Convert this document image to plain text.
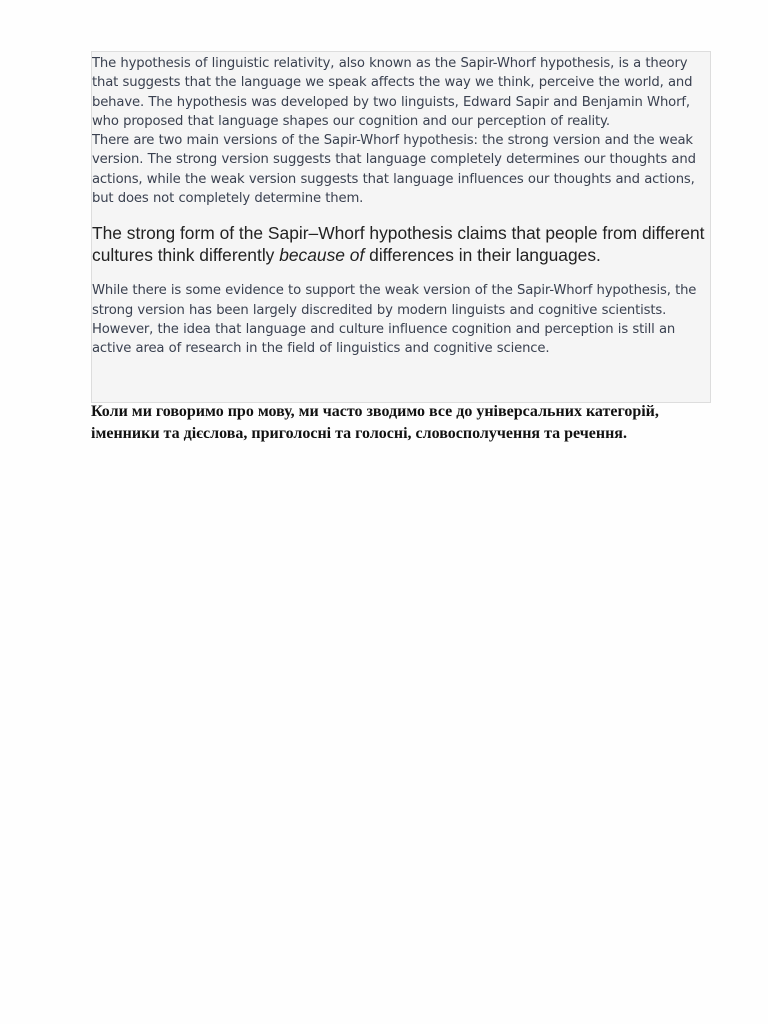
The hypothesis of linguistic relativity, also known as the Sapir-Whorf hypothesis, is a theory that suggests that the language we speak affects the way we think, perceive the world, and behave. The hypothesis was developed by two linguists, Edward Sapir and Benjamin Whorf, who proposed that language shapes our cognition and our perception of reality.

There are two main versions of the Sapir-Whorf hypothesis: the strong version and the weak version. The strong version suggests that language completely determines our thoughts and actions, while the weak version suggests that language influences our thoughts and actions, but does not completely determine them.

The strong form of the Sapir–Whorf hypothesis claims that people from different cultures think differently because of differences in their languages.

While there is some evidence to support the weak version of the Sapir-Whorf hypothesis, the strong version has been largely discredited by modern linguists and cognitive scientists. However, the idea that language and culture influence cognition and perception is still an active area of research in the field of linguistics and cognitive science.

Коли ми говоримо про мову, ми часто зводимо все до універсальних категорій, іменники та дієслова, приголосні та голосні, словосполучення та речення.
